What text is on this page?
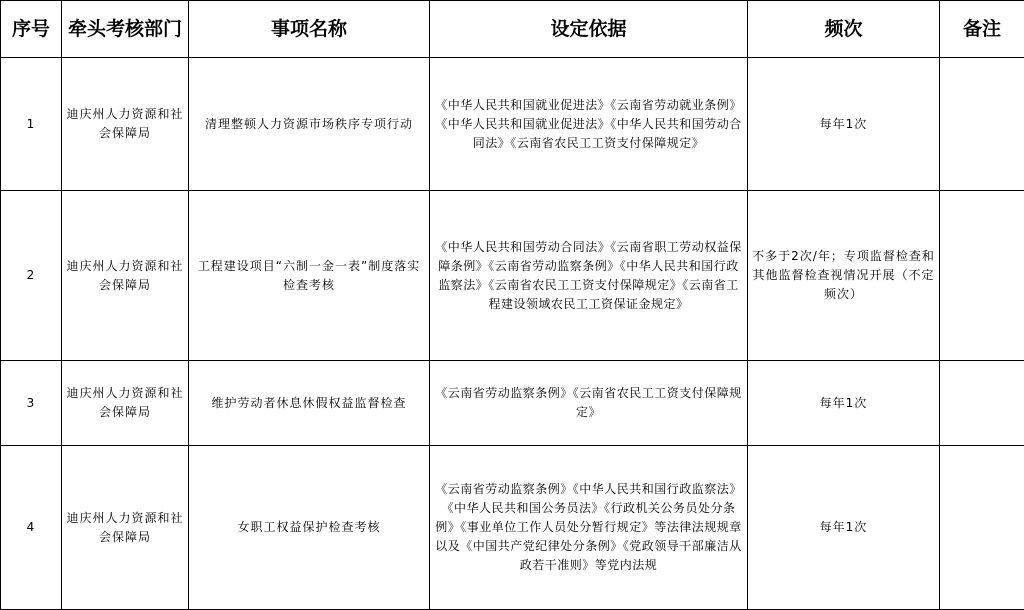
序号	牵头考核部门	事项名称	设定依据	频次	备注
1	迪庆州人力资源和社会保障局	清理整顿人力资源市场秩序专项行动	《中华人民共和国就业促进法》《云南省劳动就业条例》《中华人民共和国就业促进法》《中华人民共和国劳动合同法》《云南省农民工工资支付保障规定》	每年1次	
2	迪庆州人力资源和社会保障局	工程建设项目“六制一金一表”制度落实检查考核	《中华人民共和国劳动合同法》《云南省职工劳动权益保障条例》《云南省劳动监察条例》《中华人民共和国行政监察法》《云南省农民工工资支付保障规定》《云南省工程建设领域农民工工资保证金规定》	不多于2次/年；专项监督检查和其他监督检查视情况开展（不定频次）	
3	迪庆州人力资源和社会保障局	维护劳动者休息休假权益监督检查	《云南省劳动监察条例》《云南省农民工工资支付保障规定》	每年1次	
4	迪庆州人力资源和社会保障局	女职工权益保护检查考核	《云南省劳动监察条例》《中华人民共和国行政监察法》《中华人民共和国公务员法》《行政机关公务员处分条例》《事业单位工作人员处分暂行规定》等法律法规规章以及《中国共产党纪律处分条例》《党政领导干部廉洁从政若干准则》等党内法规	每年1次	
